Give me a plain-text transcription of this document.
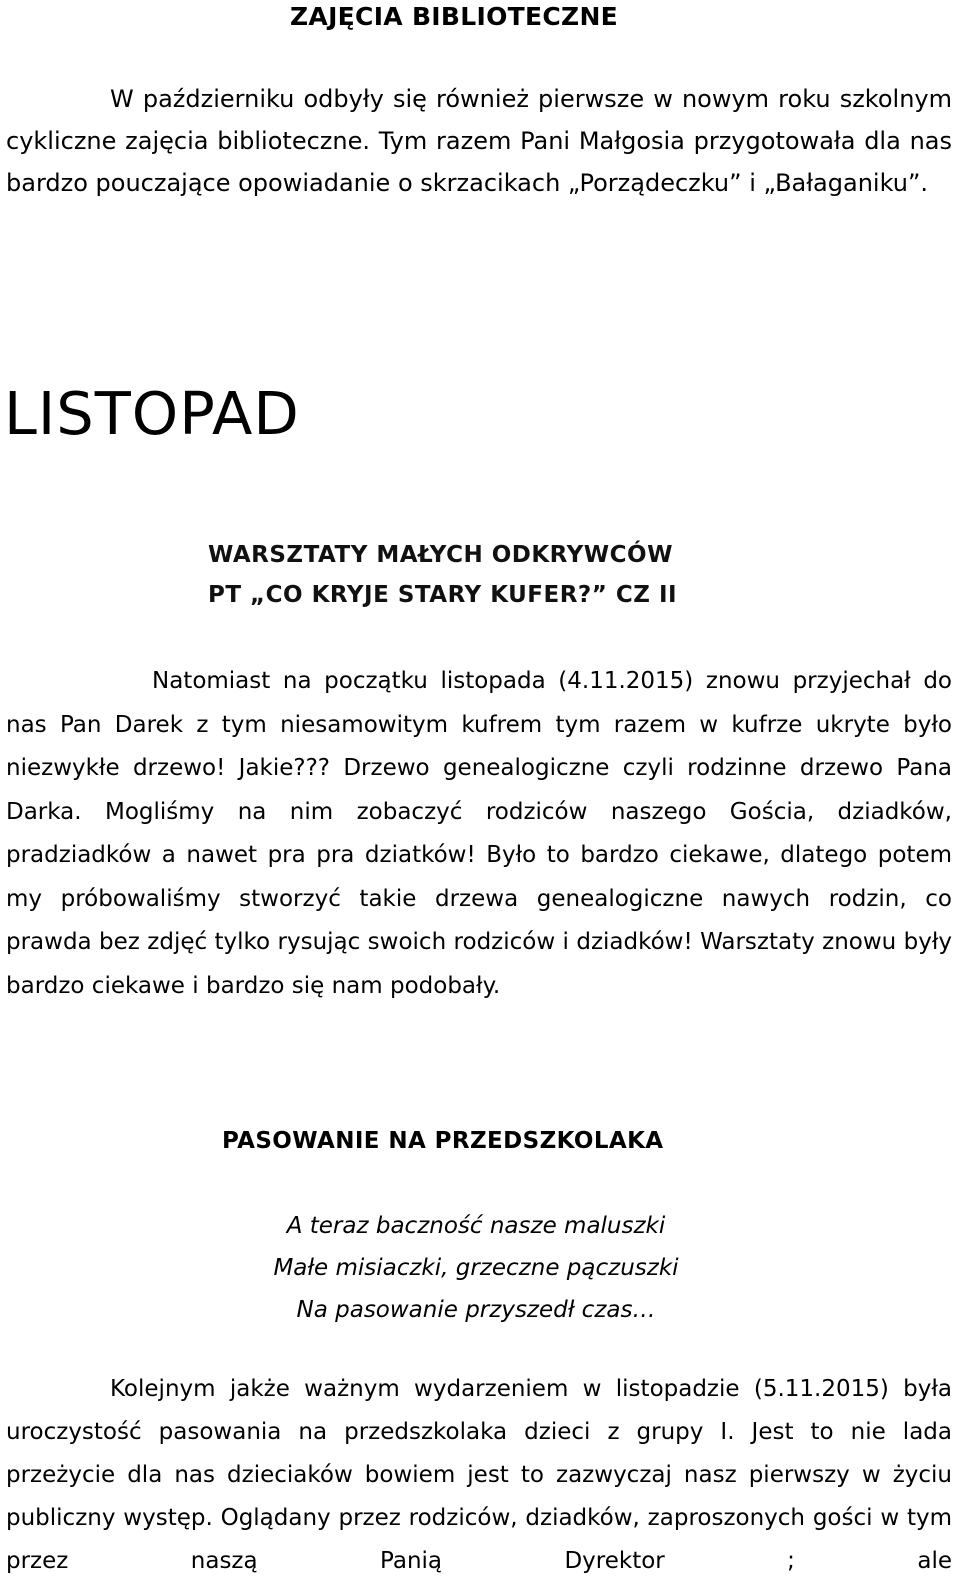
ZAJĘCIA BIBLIOTECZNE

W październiku odbyły się również pierwsze w nowym roku szkolnym cykliczne zajęcia biblioteczne. Tym razem Pani Małgosia przygotowała dla nas bardzo pouczające opowiadanie o skrzacikach „Porządeczku” i „Bałaganiku”.

LISTOPAD
WARSZTATY MAŁYCH ODKRYWCÓW
PT „CO KRYJE STARY KUFER?” CZ II

Natomiast na początku listopada (4.11.2015) znowu przyjechał do nas Pan Darek z tym niesamowitym kufrem tym razem w kufrze ukryte było niezwykłe drzewo! Jakie??? Drzewo genealogiczne czyli rodzinne drzewo Pana Darka. Mogliśmy na nim zobaczyć rodziców naszego Gościa, dziadków, pradziadków a nawet pra pra dziatków! Było to bardzo ciekawe, dlatego potem my próbowaliśmy stworzyć takie drzewa genealogiczne nawych rodzin, co prawda bez zdjęć tylko rysując swoich rodziców i dziadków! Warsztaty znowu były bardzo ciekawe i bardzo się nam podobały.

PASOWANIE NA PRZEDSZKOLAKA
A teraz baczność nasze maluszki
Małe misiaczki, grzeczne pączuszki
Na pasowanie przyszedł czas…

Kolejnym jakże ważnym wydarzeniem w listopadzie (5.11.2015) była uroczystość pasowania na przedszkolaka dzieci z grupy I. Jest to nie lada przeżycie dla nas dzieciaków bowiem jest to zazwyczaj nasz pierwszy w życiu publiczny występ. Oglądany przez rodziców, dziadków, zaproszonych gości w tym przez naszą Panią Dyrektor ; ale
